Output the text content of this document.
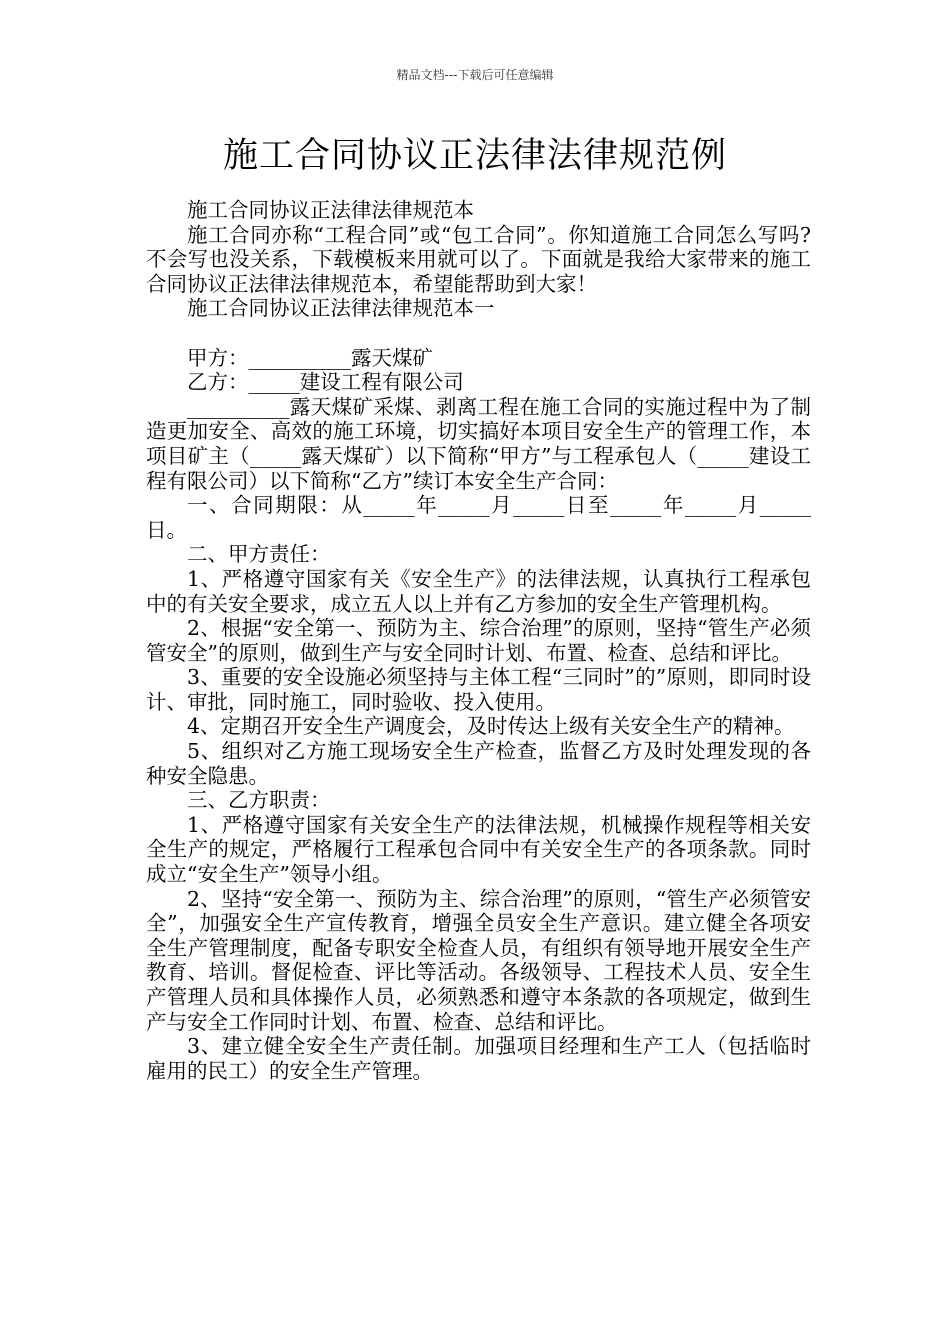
精品文档---下载后可任意编辑
施工合同协议正法律法律规范例

施工合同协议正法律法律规范本

施工合同亦称“工程合同”或“包工合同”。你知道施工合同怎么写吗?不会写也没关系，下载模板来用就可以了。下面就是我给大家带来的施工合同协议正法律法律规范本，希望能帮助到大家！

施工合同协议正法律法律规范本一

甲方：__________露天煤矿

乙方：_____建设工程有限公司

__________露天煤矿采煤、剥离工程在施工合同的实施过程中为了制造更加安全、高效的施工环境，切实搞好本项目安全生产的管理工作，本项目矿主（_____露天煤矿）以下简称“甲方”与工程承包人（_____建设工程有限公司）以下简称“乙方”续订本安全生产合同：

一、合同期限：从_____年_____月_____日至_____年_____月_____日。

二、甲方责任：

1、严格遵守国家有关《安全生产》的法律法规，认真执行工程承包中的有关安全要求，成立五人以上并有乙方参加的安全生产管理机构。

2、根据“安全第一、预防为主、综合治理”的原则，坚持“管生产必须管安全”的原则，做到生产与安全同时计划、布置、检查、总结和评比。

3、重要的安全设施必须坚持与主体工程“三同时”的”原则，即同时设计、审批，同时施工，同时验收、投入使用。

4、定期召开安全生产调度会，及时传达上级有关安全生产的精神。

5、组织对乙方施工现场安全生产检查，监督乙方及时处理发现的各种安全隐患。

三、乙方职责：

1、严格遵守国家有关安全生产的法律法规，机械操作规程等相关安全生产的规定，严格履行工程承包合同中有关安全生产的各项条款。同时成立“安全生产”领导小组。

2、坚持“安全第一、预防为主、综合治理”的原则，“管生产必须管安全”，加强安全生产宣传教育，增强全员安全生产意识。建立健全各项安全生产管理制度，配备专职安全检查人员，有组织有领导地开展安全生产教育、培训。督促检查、评比等活动。各级领导、工程技术人员、安全生产管理人员和具体操作人员，必须熟悉和遵守本条款的各项规定，做到生产与安全工作同时计划、布置、检查、总结和评比。

3、建立健全安全生产责任制。加强项目经理和生产工人（包括临时雇用的民工）的安全生产管理。
